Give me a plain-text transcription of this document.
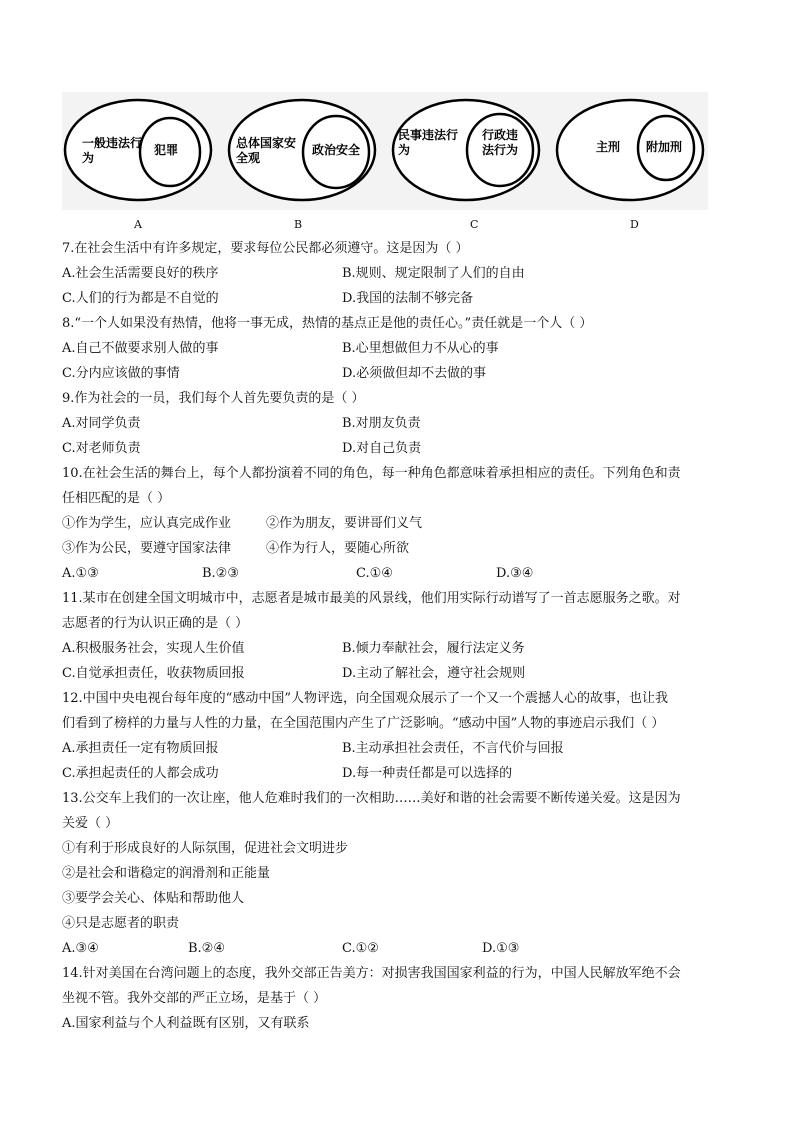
一般违法行
为
犯罪	总体国家安
全观
政治安全
民事违法行
为
行政违
法行为	主刑 附加刑
A	B	C	D
7.在社会生活中有许多规定，要求每位公民都必须遵守。这是因为（ ）
A.社会生活需要良好的秩序	B.规则、规定限制了人们的自由
C.人们的行为都是不自觉的	D.我国的法制不够完备
8.“一个人如果没有热情，他将一事无成，热情的基点正是他的责任心。”责任就是一个人（ ）
A.自己不做要求别人做的事	B.心里想做但力不从心的事
C.分内应该做的事情	D.必须做但却不去做的事
9.作为社会的一员，我们每个人首先要负责的是（ ）
A.对同学负责	B.对朋友负责
C.对老师负责	D.对自己负责
10.在社会生活的舞台上，每个人都扮演着不同的角色，每一种角色都意味着承担相应的责任。下列角色和责
任相匹配的是（ ）
①作为学生，应认真完成作业	②作为朋友，要讲哥们义气
③作为公民，要遵守国家法律	④作为行人，要随心所欲
A.①③	B.②③	C.①④	D.③④
11.某市在创建全国文明城市中，志愿者是城市最美的风景线，他们用实际行动谱写了一首志愿服务之歌。对
志愿者的行为认识正确的是（ ）
A.积极服务社会，实现人生价值	B.倾力奉献社会，履行法定义务
C.自觉承担责任，收获物质回报	D.主动了解社会，遵守社会规则
12.中国中央电视台每年度的“感动中国”人物评选，向全国观众展示了一个又一个震撼人心的故事，也让我
们看到了榜样的力量与人性的力量，在全国范围内产生了广泛影响。“感动中国”人物的事迹启示我们（ ）
A.承担责任一定有物质回报	B.主动承担社会责任，不言代价与回报
C.承担起责任的人都会成功	D.每一种责任都是可以选择的
13.公交车上我们的一次让座，他人危难时我们的一次相助……美好和谐的社会需要不断传递关爱。这是因为
关爱（ ）
①有利于形成良好的人际氛围，促进社会文明进步
②是社会和谐稳定的润滑剂和正能量
③要学会关心、体贴和帮助他人
④只是志愿者的职责
A.③④	B.②④	C.①②	D.①③
14.针对美国在台湾问题上的态度，我外交部正告美方：对损害我国国家利益的行为，中国人民解放军绝不会
坐视不管。我外交部的严正立场，是基于（ ）
A.国家利益与个人利益既有区别，又有联系
